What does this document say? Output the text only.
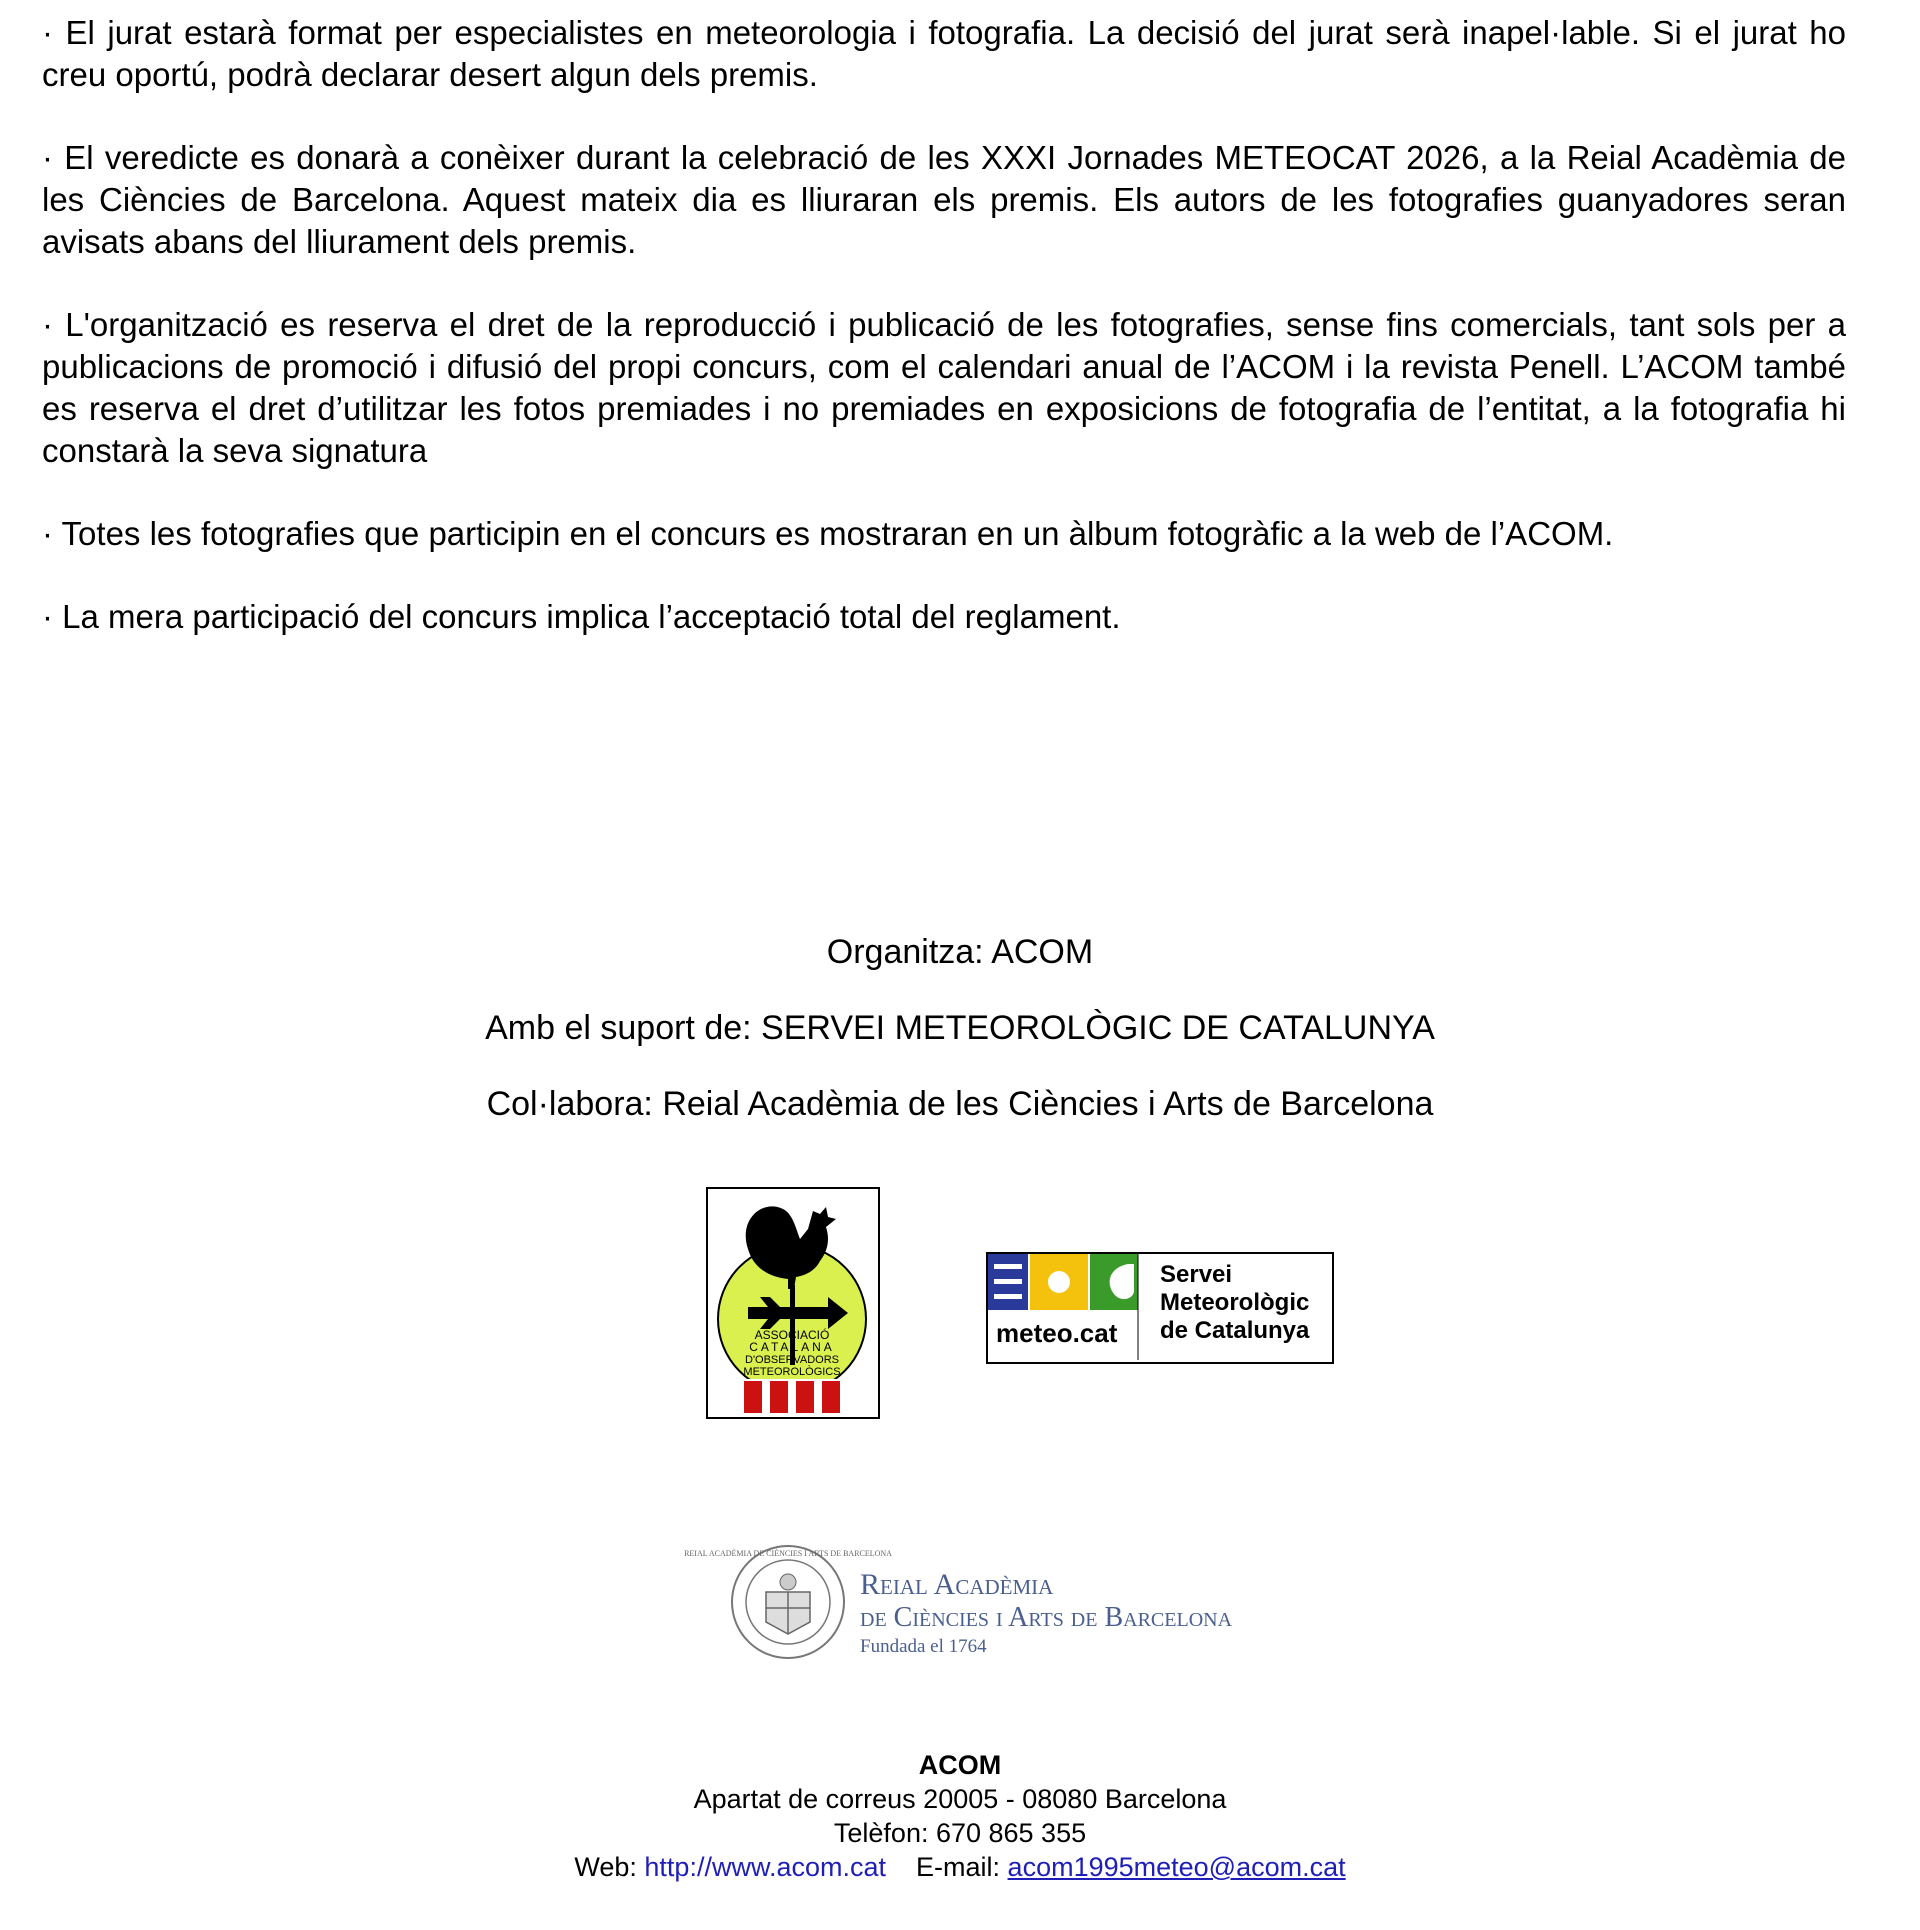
· El jurat estarà format per especialistes en meteorologia i fotografia. La decisió del jurat serà inapel·lable. Si el jurat ho creu oportú, podrà declarar desert algun dels premis.

· El veredicte es donarà a conèixer durant la celebració de les XXXI Jornades METEOCAT 2026, a la Reial Acadèmia de les Ciències de Barcelona. Aquest mateix dia es lliuraran els premis. Els autors de les fotografies guanyadores seran avisats abans del lliurament dels premis.

· L'organització es reserva el dret de la reproducció i publicació de les fotografies, sense fins comercials, tant sols per a publicacions de promoció i difusió del propi concurs, com el calendari anual de l’ACOM i la revista Penell. L’ACOM també es reserva el dret d’utilitzar les fotos premiades i no premiades en exposicions de fotografia de l’entitat, a la fotografia hi constarà la seva signatura

· Totes les fotografies que participin en el concurs es mostraran en un àlbum fotogràfic a la web de l’ACOM.

· La mera participació del concurs implica l’acceptació total del reglament.

Organitza: ACOM
Amb el suport de: SERVEI METEOROLÒGIC DE CATALUNYA
Col·labora: Reial Acadèmia de les Ciències i Arts de Barcelona
ASSOCIACIÓ
CATALANA
D'OBSERVADORS
METEOROLÒGICS
meteo.cat
Servei
Meteorològic
de Catalunya
REIAL ACADÈMIA DE CIÈNCIES I ARTS DE BARCELONA
Reial Acadèmia
de Ciències i Arts de Barcelona
Fundada el 1764
ACOM
Apartat de correus 20005 - 08080 Barcelona
Telèfon: 670 865 355
Web: http://www.acom.cat E-mail: acom1995meteo@acom.cat
